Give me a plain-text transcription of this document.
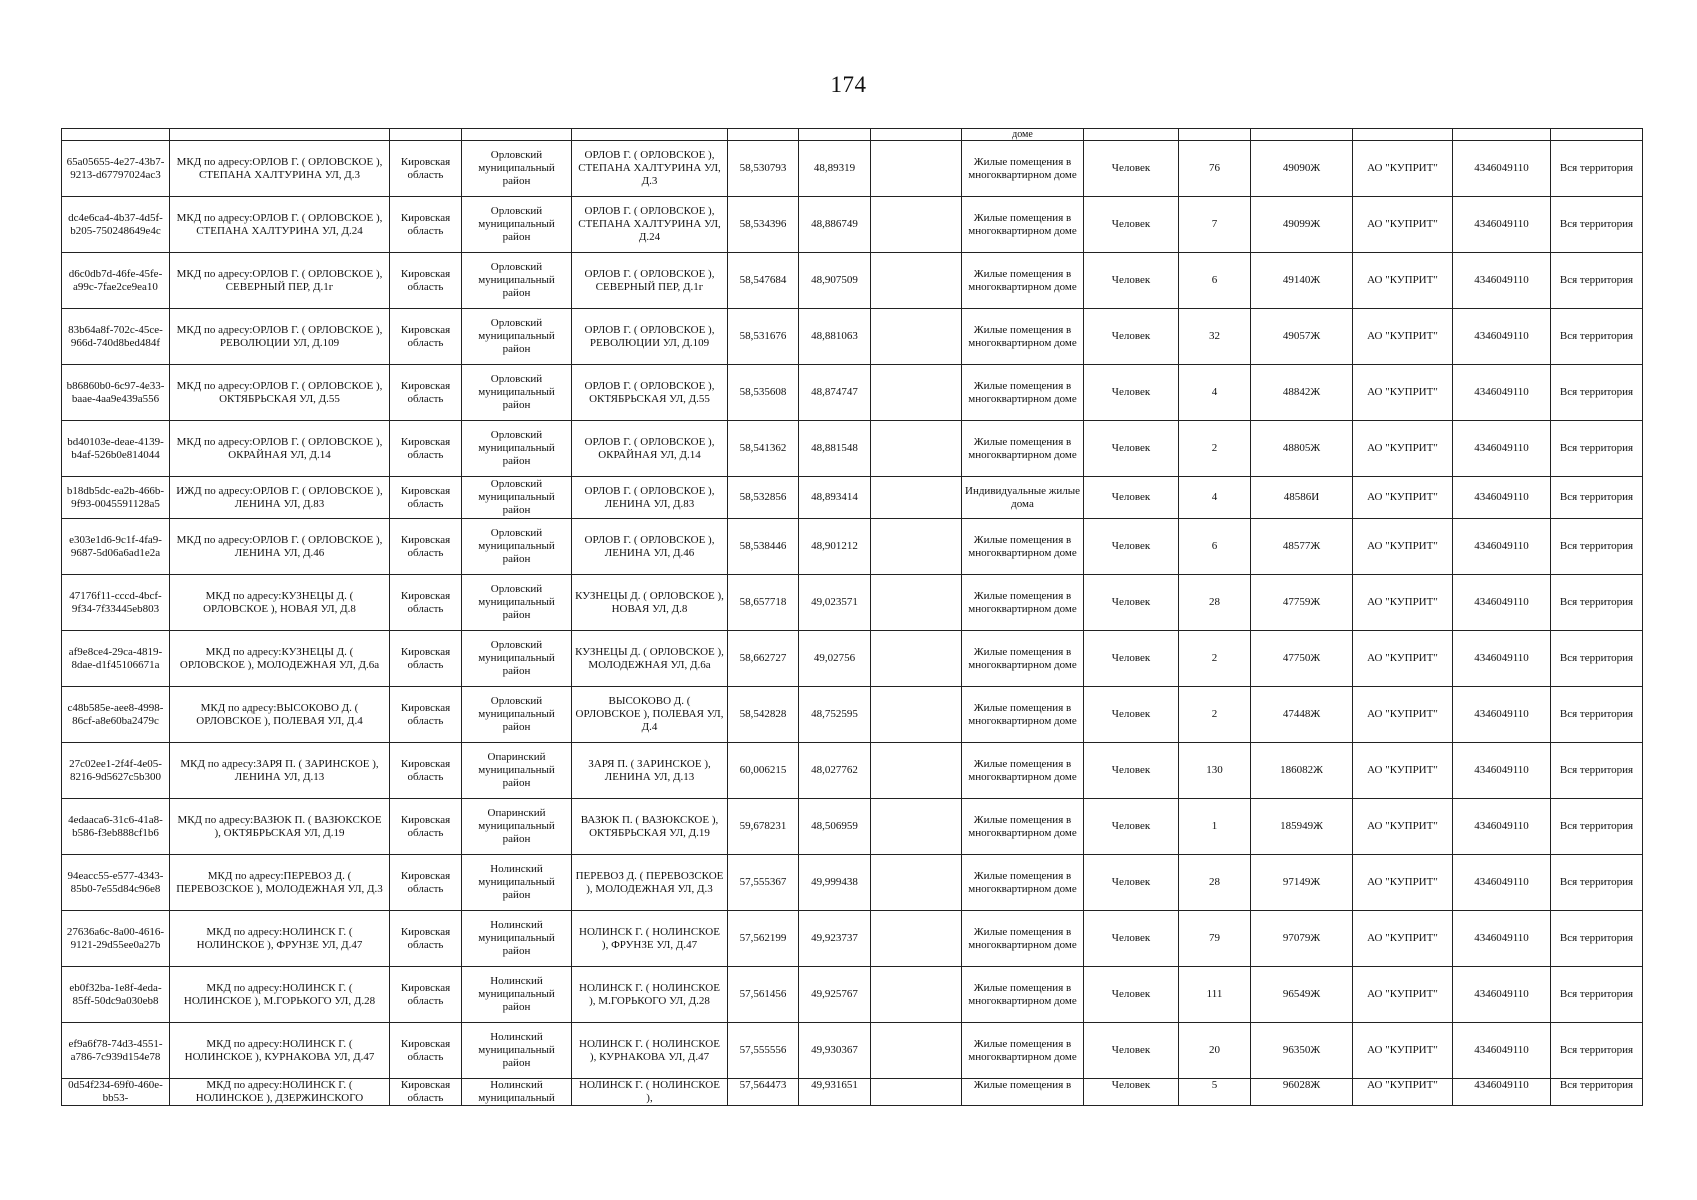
174
								доме						
65a05655-4e27-43b7-9213-d67797024ac3	МКД по адресу:ОРЛОВ Г. ( ОРЛОВСКОЕ ), СТЕПАНА ХАЛТУРИНА УЛ, Д.3	Кировская область	Орловский муниципальный район	ОРЛОВ Г. ( ОРЛОВСКОЕ ), СТЕПАНА ХАЛТУРИНА УЛ, Д.3	58,530793	48,89319		Жилые помещения в многоквартирном доме	Человек	76	49090Ж	АО "КУПРИТ"	4346049110	Вся территория
dc4e6ca4-4b37-4d5f-b205-750248649e4c	МКД по адресу:ОРЛОВ Г. ( ОРЛОВСКОЕ ), СТЕПАНА ХАЛТУРИНА УЛ, Д.24	Кировская область	Орловский муниципальный район	ОРЛОВ Г. ( ОРЛОВСКОЕ ), СТЕПАНА ХАЛТУРИНА УЛ, Д.24	58,534396	48,886749		Жилые помещения в многоквартирном доме	Человек	7	49099Ж	АО "КУПРИТ"	4346049110	Вся территория
d6c0db7d-46fe-45fe-a99c-7fae2ce9ea10	МКД по адресу:ОРЛОВ Г. ( ОРЛОВСКОЕ ), СЕВЕРНЫЙ ПЕР, Д.1г	Кировская область	Орловский муниципальный район	ОРЛОВ Г. ( ОРЛОВСКОЕ ), СЕВЕРНЫЙ ПЕР, Д.1г	58,547684	48,907509		Жилые помещения в многоквартирном доме	Человек	6	49140Ж	АО "КУПРИТ"	4346049110	Вся территория
83b64a8f-702c-45ce-966d-740d8bed484f	МКД по адресу:ОРЛОВ Г. ( ОРЛОВСКОЕ ), РЕВОЛЮЦИИ УЛ, Д.109	Кировская область	Орловский муниципальный район	ОРЛОВ Г. ( ОРЛОВСКОЕ ), РЕВОЛЮЦИИ УЛ, Д.109	58,531676	48,881063		Жилые помещения в многоквартирном доме	Человек	32	49057Ж	АО "КУПРИТ"	4346049110	Вся территория
b86860b0-6c97-4e33-baae-4aa9e439a556	МКД по адресу:ОРЛОВ Г. ( ОРЛОВСКОЕ ), ОКТЯБРЬСКАЯ УЛ, Д.55	Кировская область	Орловский муниципальный район	ОРЛОВ Г. ( ОРЛОВСКОЕ ), ОКТЯБРЬСКАЯ УЛ, Д.55	58,535608	48,874747		Жилые помещения в многоквартирном доме	Человек	4	48842Ж	АО "КУПРИТ"	4346049110	Вся территория
bd40103e-deae-4139-b4af-526b0e814044	МКД по адресу:ОРЛОВ Г. ( ОРЛОВСКОЕ ), ОКРАЙНАЯ УЛ, Д.14	Кировская область	Орловский муниципальный район	ОРЛОВ Г. ( ОРЛОВСКОЕ ), ОКРАЙНАЯ УЛ, Д.14	58,541362	48,881548		Жилые помещения в многоквартирном доме	Человек	2	48805Ж	АО "КУПРИТ"	4346049110	Вся территория
b18db5dc-ea2b-466b-9f93-0045591128a5	ИЖД по адресу:ОРЛОВ Г. ( ОРЛОВСКОЕ ), ЛЕНИНА УЛ, Д.83	Кировская область	Орловский муниципальный район	ОРЛОВ Г. ( ОРЛОВСКОЕ ), ЛЕНИНА УЛ, Д.83	58,532856	48,893414		Индивидуальные жилые дома	Человек	4	48586И	АО "КУПРИТ"	4346049110	Вся территория
e303e1d6-9c1f-4fa9-9687-5d06a6ad1e2a	МКД по адресу:ОРЛОВ Г. ( ОРЛОВСКОЕ ), ЛЕНИНА УЛ, Д.46	Кировская область	Орловский муниципальный район	ОРЛОВ Г. ( ОРЛОВСКОЕ ), ЛЕНИНА УЛ, Д.46	58,538446	48,901212		Жилые помещения в многоквартирном доме	Человек	6	48577Ж	АО "КУПРИТ"	4346049110	Вся территория
47176f11-cccd-4bcf-9f34-7f33445eb803	МКД по адресу:КУЗНЕЦЫ Д. ( ОРЛОВСКОЕ ), НОВАЯ УЛ, Д.8	Кировская область	Орловский муниципальный район	КУЗНЕЦЫ Д. ( ОРЛОВСКОЕ ), НОВАЯ УЛ, Д.8	58,657718	49,023571		Жилые помещения в многоквартирном доме	Человек	28	47759Ж	АО "КУПРИТ"	4346049110	Вся территория
af9e8ce4-29ca-4819-8dae-d1f45106671a	МКД по адресу:КУЗНЕЦЫ Д. ( ОРЛОВСКОЕ ), МОЛОДЕЖНАЯ УЛ, Д.6а	Кировская область	Орловский муниципальный район	КУЗНЕЦЫ Д. ( ОРЛОВСКОЕ ), МОЛОДЕЖНАЯ УЛ, Д.6а	58,662727	49,02756		Жилые помещения в многоквартирном доме	Человек	2	47750Ж	АО "КУПРИТ"	4346049110	Вся территория
c48b585e-aee8-4998-86cf-a8e60ba2479c	МКД по адресу:ВЫСОКОВО Д. ( ОРЛОВСКОЕ ), ПОЛЕВАЯ УЛ, Д.4	Кировская область	Орловский муниципальный район	ВЫСОКОВО Д. ( ОРЛОВСКОЕ ), ПОЛЕВАЯ УЛ, Д.4	58,542828	48,752595		Жилые помещения в многоквартирном доме	Человек	2	47448Ж	АО "КУПРИТ"	4346049110	Вся территория
27c02ee1-2f4f-4e05-8216-9d5627c5b300	МКД по адресу:ЗАРЯ П. ( ЗАРИНСКОЕ ), ЛЕНИНА УЛ, Д.13	Кировская область	Опаринский муниципальный район	ЗАРЯ П. ( ЗАРИНСКОЕ ), ЛЕНИНА УЛ, Д.13	60,006215	48,027762		Жилые помещения в многоквартирном доме	Человек	130	186082Ж	АО "КУПРИТ"	4346049110	Вся территория
4edaaca6-31c6-41a8-b586-f3eb888cf1b6	МКД по адресу:ВАЗЮК П. ( ВАЗЮКСКОЕ ), ОКТЯБРЬСКАЯ УЛ, Д.19	Кировская область	Опаринский муниципальный район	ВАЗЮК П. ( ВАЗЮКСКОЕ ), ОКТЯБРЬСКАЯ УЛ, Д.19	59,678231	48,506959		Жилые помещения в многоквартирном доме	Человек	1	185949Ж	АО "КУПРИТ"	4346049110	Вся территория
94eacc55-e577-4343-85b0-7e55d84c96e8	МКД по адресу:ПЕРЕВОЗ Д. ( ПЕРЕВОЗСКОЕ ), МОЛОДЕЖНАЯ УЛ, Д.3	Кировская область	Нолинский муниципальный район	ПЕРЕВОЗ Д. ( ПЕРЕВОЗСКОЕ ), МОЛОДЕЖНАЯ УЛ, Д.3	57,555367	49,999438		Жилые помещения в многоквартирном доме	Человек	28	97149Ж	АО "КУПРИТ"	4346049110	Вся территория
27636a6c-8a00-4616-9121-29d55ee0a27b	МКД по адресу:НОЛИНСК Г. ( НОЛИНСКОЕ ), ФРУНЗЕ УЛ, Д.47	Кировская область	Нолинский муниципальный район	НОЛИНСК Г. ( НОЛИНСКОЕ ), ФРУНЗЕ УЛ, Д.47	57,562199	49,923737		Жилые помещения в многоквартирном доме	Человек	79	97079Ж	АО "КУПРИТ"	4346049110	Вся территория
eb0f32ba-1e8f-4eda-85ff-50dc9a030eb8	МКД по адресу:НОЛИНСК Г. ( НОЛИНСКОЕ ), М.ГОРЬКОГО УЛ, Д.28	Кировская область	Нолинский муниципальный район	НОЛИНСК Г. ( НОЛИНСКОЕ ), М.ГОРЬКОГО УЛ, Д.28	57,561456	49,925767		Жилые помещения в многоквартирном доме	Человек	111	96549Ж	АО "КУПРИТ"	4346049110	Вся территория
ef9a6f78-74d3-4551-a786-7c939d154e78	МКД по адресу:НОЛИНСК Г. ( НОЛИНСКОЕ ), КУРНАКОВА УЛ, Д.47	Кировская область	Нолинский муниципальный район	НОЛИНСК Г. ( НОЛИНСКОЕ ), КУРНАКОВА УЛ, Д.47	57,555556	49,930367		Жилые помещения в многоквартирном доме	Человек	20	96350Ж	АО "КУПРИТ"	4346049110	Вся территория
0d54f234-69f0-460e-bb53-	МКД по адресу:НОЛИНСК Г. ( НОЛИНСКОЕ ), ДЗЕРЖИНСКОГО	Кировская область	Нолинский муниципальный	НОЛИНСК Г. ( НОЛИНСКОЕ ),	57,564473	49,931651		Жилые помещения в	Человек	5	96028Ж	АО "КУПРИТ"	4346049110	Вся территория
